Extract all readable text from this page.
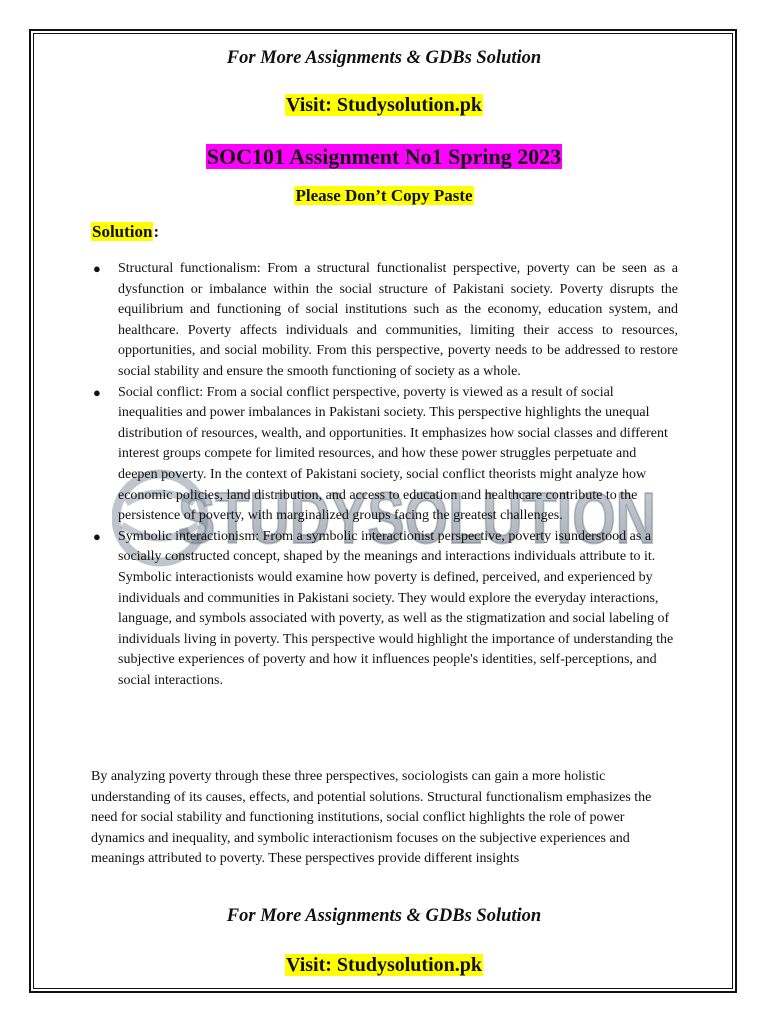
STUDYSOLUTION
For More Assignments & GDBs Solution
Visit: Studysolution.pk
SOC101 Assignment No1 Spring 2023
Please Don’t Copy Paste
Solution:
● Structural functionalism: From a structural functionalist perspective, poverty can be seen as a dysfunction or imbalance within the social structure of Pakistani society. Poverty disrupts the equilibrium and functioning of social institutions such as the economy, education system, and healthcare. Poverty affects individuals and communities, limiting their access to resources, opportunities, and social mobility. From this perspective, poverty needs to be addressed to restore social stability and ensure the smooth functioning of society as a whole.
● Social conflict: From a social conflict perspective, poverty is viewed as a result of social inequalities and power imbalances in Pakistani society. This perspective highlights the unequal distribution of resources, wealth, and opportunities. It emphasizes how social classes and different interest groups compete for limited resources, and how these power struggles perpetuate and deepen poverty. In the context of Pakistani society, social conflict theorists might analyze how economic policies, land distribution, and access to education and healthcare contribute to the persistence of poverty, with marginalized groups facing the greatest challenges.
● Symbolic interactionism: From a symbolic interactionist perspective, poverty isunderstood as a socially constructed concept, shaped by the meanings and interactions individuals attribute to it. Symbolic interactionists would examine how poverty is defined, perceived, and experienced by individuals and communities in Pakistani society. They would explore the everyday interactions, language, and symbols associated with poverty, as well as the stigmatization and social labeling of individuals living in poverty. This perspective would highlight the importance of understanding the subjective experiences of poverty and how it influences people's identities, self-perceptions, and social interactions.

By analyzing poverty through these three perspectives, sociologists can gain a more holistic understanding of its causes, effects, and potential solutions. Structural functionalism emphasizes the need for social stability and functioning institutions, social conflict highlights the role of power dynamics and inequality, and symbolic interactionism focuses on the subjective experiences and meanings attributed to poverty. These perspectives provide different insights

For More Assignments & GDBs Solution
Visit: Studysolution.pk
